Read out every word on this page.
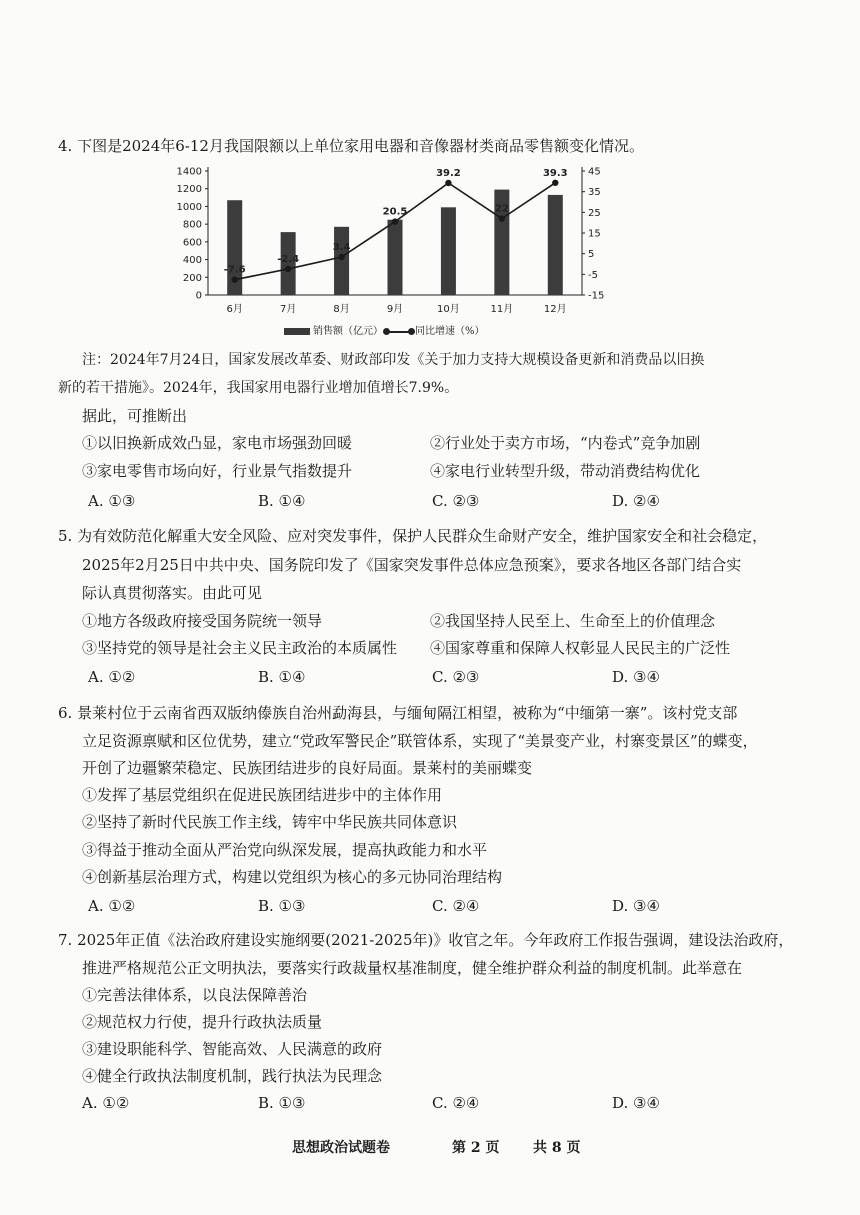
4. 下图是2024年6-12月我国限额以上单位家用电器和音像器材类商品零售额变化情况。
0
200
400
600
800
1000
1200
1400
-15
-5
5
15
25
35
45
6月	7月	8月	9月	10月	11月	12月
-7.6
-2.4
3.4
20.5
39.2
22
39.3
销售额（亿元）	同比增速（%）
注：2024年7月24日，国家发展改革委、财政部印发《关于加力支持大规模设备更新和消费品以旧换
新的若干措施》。2024年，我国家用电器行业增加值增长7.9%。
据此，可推断出
①以旧换新成效凸显，家电市场强劲回暖	②行业处于卖方市场，“内卷式”竞争加剧
③家电零售市场向好，行业景气指数提升	④家电行业转型升级，带动消费结构优化
A. ①③	B. ①④	C. ②③	D. ②④
5. 为有效防范化解重大安全风险、应对突发事件，保护人民群众生命财产安全，维护国家安全和社会稳定，
2025年2月25日中共中央、国务院印发了《国家突发事件总体应急预案》，要求各地区各部门结合实
际认真贯彻落实。由此可见
①地方各级政府接受国务院统一领导	②我国坚持人民至上、生命至上的价值理念
③坚持党的领导是社会主义民主政治的本质属性 ④国家尊重和保障人权彰显人民民主的广泛性
A. ①②	B. ①④	C. ②③	D. ③④
6. 景莱村位于云南省西双版纳傣族自治州勐海县，与缅甸隔江相望，被称为“中缅第一寨”。该村党支部
立足资源禀赋和区位优势，建立“党政军警民企”联管体系，实现了“美景变产业，村寨变景区”的蝶变，
开创了边疆繁荣稳定、民族团结进步的良好局面。景莱村的美丽蝶变
①发挥了基层党组织在促进民族团结进步中的主体作用
②坚持了新时代民族工作主线，铸牢中华民族共同体意识
③得益于推动全面从严治党向纵深发展，提高执政能力和水平
④创新基层治理方式，构建以党组织为核心的多元协同治理结构
A. ①②	B. ①③	C. ②④	D. ③④
7. 2025年正值《法治政府建设实施纲要(2021-2025年)》收官之年。今年政府工作报告强调，建设法治政府，
推进严格规范公正文明执法，要落实行政裁量权基准制度，健全维护群众利益的制度机制。此举意在
①完善法律体系，以良法保障善治
②规范权力行使，提升行政执法质量
③建设职能科学、智能高效、人民满意的政府
④健全行政执法制度机制，践行执法为民理念
A. ①②	B. ①③	C. ②④	D. ③④
思想政治试题卷	第 2 页 共 8 页
